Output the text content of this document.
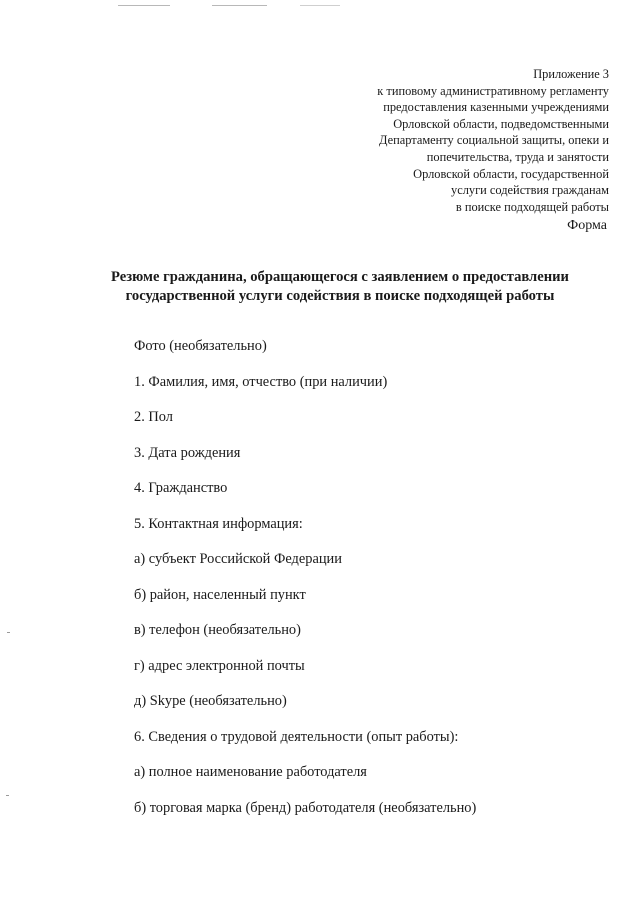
Приложение 3
к типовому административному регламенту
предоставления казенными учреждениями
Орловской области, подведомственными
Департаменту социальной защиты, опеки и
попечительства, труда и занятости
Орловской области, государственной
услуги содействия гражданам
в поиске подходящей работы
Форма
Резюме гражданина, обращающегося с заявлением о предоставлении
государственной услуги содействия в поиске подходящей работы
Фото (необязательно)
1. Фамилия, имя, отчество (при наличии)
2. Пол
3. Дата рождения
4. Гражданство
5. Контактная информация:
а) субъект Российской Федерации
б) район, населенный пункт
в) телефон (необязательно)
г) адрес электронной почты
д) Skype (необязательно)
6. Сведения о трудовой деятельности (опыт работы):
а) полное наименование работодателя
б) торговая марка (бренд) работодателя (необязательно)
